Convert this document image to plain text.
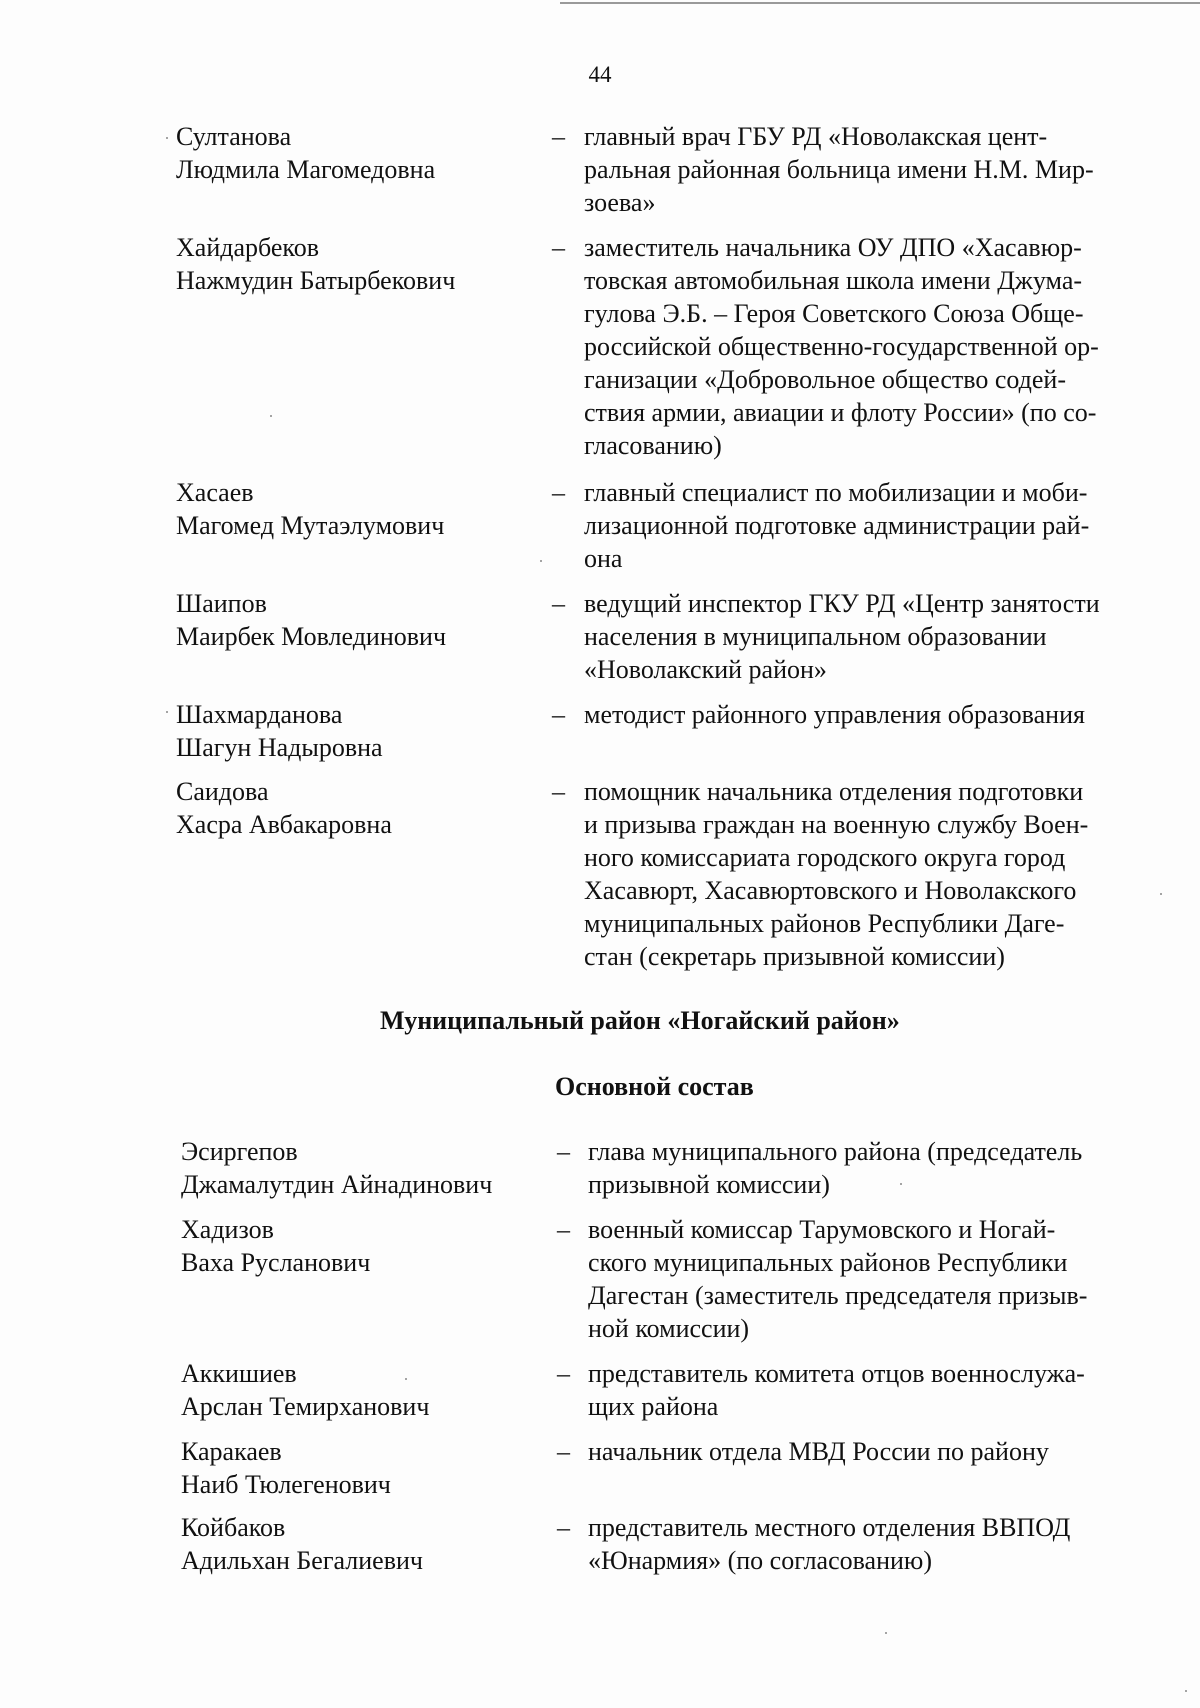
44
Султанова
Людмила Магомедовна
– главный врач ГБУ РД «Новолакская цент-
ральная районная больница имени Н.М. Мир-
зоева»
Хайдарбеков
Нажмудин Батырбекович
– заместитель начальника ОУ ДПО «Хасавюр-
товская автомобильная школа имени Джума-
гулова Э.Б. – Героя Советского Союза Обще-
российской общественно-государственной ор-
ганизации «Добровольное общество содей-
ствия армии, авиации и флоту России» (по со-
гласованию)
Хасаев
Магомед Мутаэлумович
– главный специалист по мобилизации и моби-
лизационной подготовке администрации рай-
она
Шаипов
Маирбек Мовлединович
– ведущий инспектор ГКУ РД «Центр занятости
населения в муниципальном образовании
«Новолакский район»
Шахмарданова
Шагун Надыровна
– методист районного управления образования
Саидова
Хасра Авбакаровна
– помощник начальника отделения подготовки
и призыва граждан на военную службу Воен-
ного комиссариата городского округа город
Хасавюрт, Хасавюртовского и Новолакского
муниципальных районов Республики Даге-
стан (секретарь призывной комиссии)
Муниципальный район «Ногайский район»
Основной состав
Эсиргепов
Джамалутдин Айнадинович
– глава муниципального района (председатель
призывной комиссии)
Хадизов
Ваха Русланович
– военный комиссар Тарумовского и Ногай-
ского муниципальных районов Республики
Дагестан (заместитель председателя призыв-
ной комиссии)
Аккишиев
Арслан Темирханович
– представитель комитета отцов военнослужа-
щих района
Каракаев
Наиб Тюлегенович
– начальник отдела МВД России по району
Койбаков
Адильхан Бегалиевич
– представитель местного отделения ВВПОД
«Юнармия» (по согласованию)
